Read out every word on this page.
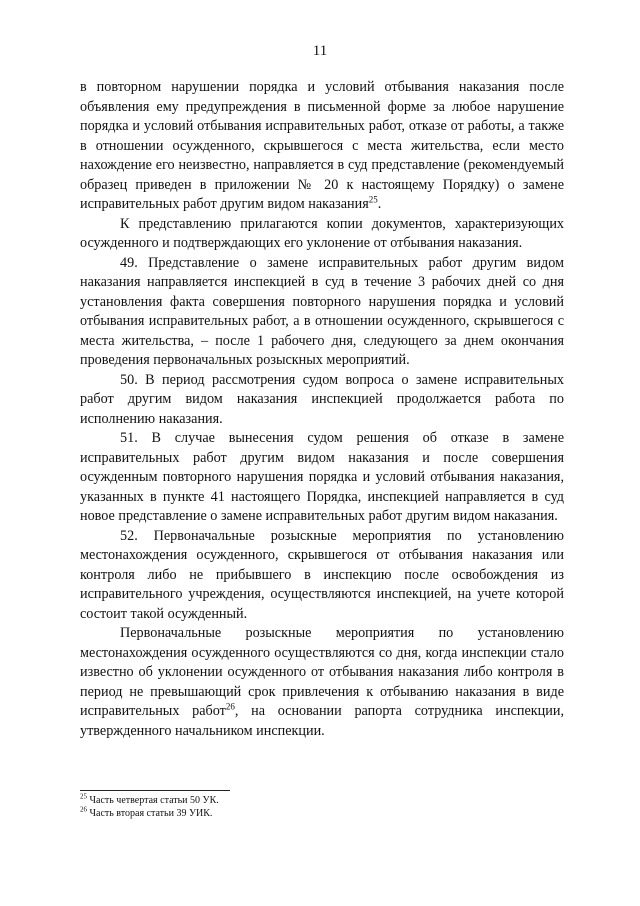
11

в повторном нарушении порядка и условий отбывания наказания после объявления ему предупреждения в письменной форме за любое нарушение порядка и условий отбывания исправительных работ, отказе от работы, а также в отношении осужденного, скрывшегося с места жительства, если место нахождение его неизвестно, направляется в суд представление (рекомендуемый образец приведен в приложении № 20 к настоящему Порядку) о замене исправительных работ другим видом наказания$^{25}$.

К представлению прилагаются копии документов, характеризующих осужденного и подтверждающих его уклонение от отбывания наказания.

49. Представление о замене исправительных работ другим видом наказания направляется инспекцией в суд в течение 3 рабочих дней со дня установления факта совершения повторного нарушения порядка и условий отбывания исправительных работ, а в отношении осужденного, скрывшегося с места жительства, – после 1 рабочего дня, следующего за днем окончания проведения первоначальных розыскных мероприятий.

50. В период рассмотрения судом вопроса о замене исправительных работ другим видом наказания инспекцией продолжается работа по исполнению наказания.

51. В случае вынесения судом решения об отказе в замене исправительных работ другим видом наказания и после совершения осужденным повторного нарушения порядка и условий отбывания наказания, указанных в пункте 41 настоящего Порядка, инспекцией направляется в суд новое представление о замене исправительных работ другим видом наказания.

52. Первоначальные розыскные мероприятия по установлению местонахождения осужденного, скрывшегося от отбывания наказания или контроля либо не прибывшего в инспекцию после освобождения из исправительного учреждения, осуществляются инспекцией, на учете которой состоит такой осужденный.

Первоначальные розыскные мероприятия по установлению местонахождения осужденного осуществляются со дня, когда инспекции стало известно об уклонении осужденного от отбывания наказания либо контроля в период не превышающий срок привлечения к отбыванию наказания в виде исправительных работ$^{26}$, на основании рапорта сотрудника инспекции, утвержденного начальником инспекции.

$^{25}$ Часть четвертая статьи 50 УК.

$^{26}$ Часть вторая статьи 39 УИК.
